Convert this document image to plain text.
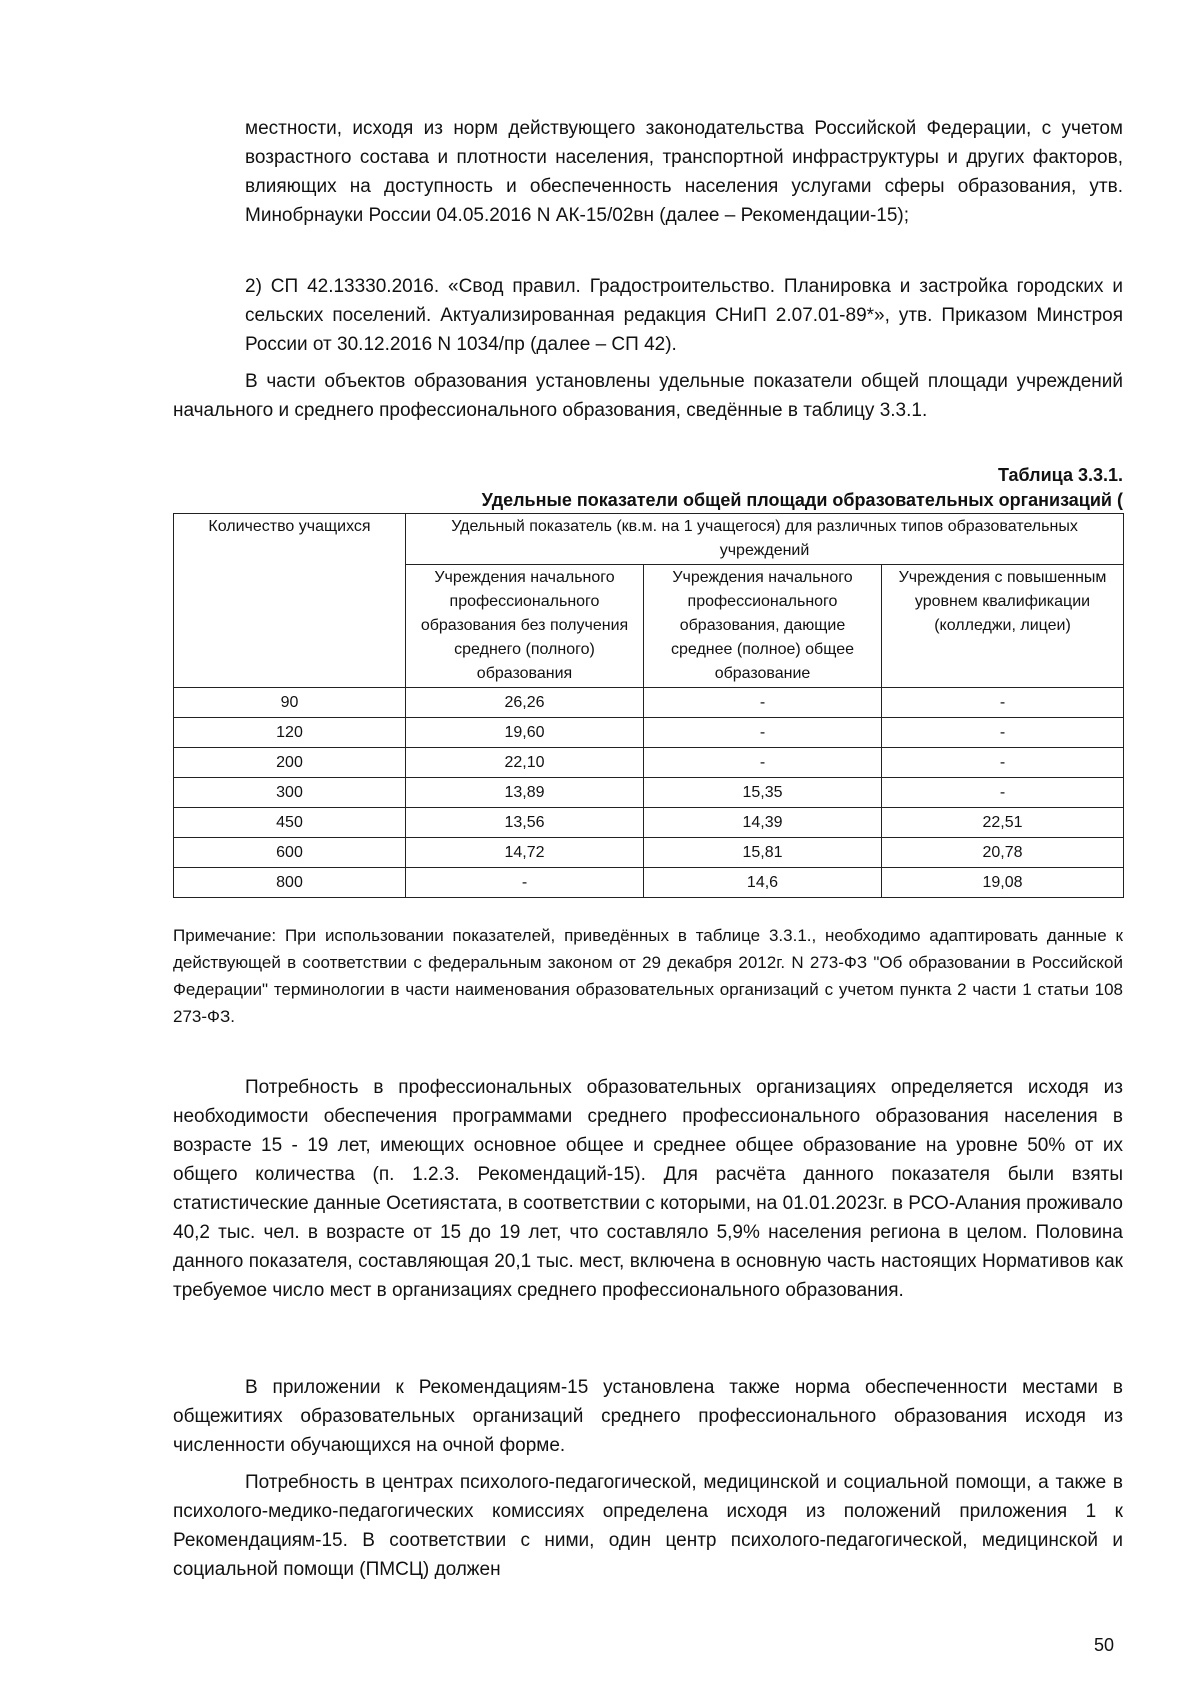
местности, исходя из норм действующего законодательства Российской Федерации, с учетом возрастного состава и плотности населения, транспортной инфраструктуры и других факторов, влияющих на доступность и обеспеченность населения услугами сферы образования, утв. Минобрнауки России 04.05.2016 N АК-15/02вн (далее – Рекомендации-15);

2) СП 42.13330.2016. «Свод правил. Градостроительство. Планировка и застройка городских и сельских поселений. Актуализированная редакция СНиП 2.07.01-89*», утв. Приказом Минстроя России от 30.12.2016 N 1034/пр (далее – СП 42).

В части объектов образования установлены удельные показатели общей площади учреждений начального и среднего профессионального образования, сведённые в таблицу 3.3.1.

Таблица 3.3.1.
Удельные показатели общей площади образовательных организаций (
Количество учащихся	Удельный показатель (кв.м. на 1 учащегося) для различных типов образовательных учреждений		
	Учреждения начального профессионального образования без получения среднего (полного) образования	Учреждения начального профессионального образования, дающие среднее (полное) общее образование	Учреждения с повышенным уровнем квалификации (колледжи, лицеи)
90	26,26	-	-
120	19,60	-	-
200	22,10	-	-
300	13,89	15,35	-
450	13,56	14,39	22,51
600	14,72	15,81	20,78
800	-	14,6	19,08

Примечание: При использовании показателей, приведённых в таблице 3.3.1., необходимо адаптировать данные к действующей в соответствии с федеральным законом от 29 декабря 2012г. N 273-ФЗ "Об образовании в Российской Федерации" терминологии в части наименования образовательных организаций с учетом пункта 2 части 1 статьи 108 273-ФЗ.

Потребность в профессиональных образовательных организациях определяется исходя из необходимости обеспечения программами среднего профессионального образования населения в возрасте 15 - 19 лет, имеющих основное общее и среднее общее образование на уровне 50% от их общего количества (п. 1.2.3. Рекомендаций-15). Для расчёта данного показателя были взяты статистические данные Осетиястата, в соответствии с которыми, на 01.01.2023г. в РСО-Алания проживало 40,2 тыс. чел. в возрасте от 15 до 19 лет, что составляло 5,9% населения региона в целом. Половина данного показателя, составляющая 20,1 тыс. мест, включена в основную часть настоящих Нормативов как требуемое число мест в организациях среднего профессионального образования.

В приложении к Рекомендациям-15 установлена также норма обеспеченности местами в общежитиях образовательных организаций среднего профессионального образования исходя из численности обучающихся на очной форме.

Потребность в центрах психолого-педагогической, медицинской и социальной помощи, а также в психолого-медико-педагогических комиссиях определена исходя из положений приложения 1 к Рекомендациям-15. В соответствии с ними, один центр психолого-педагогической, медицинской и социальной помощи (ПМСЦ) должен

50
